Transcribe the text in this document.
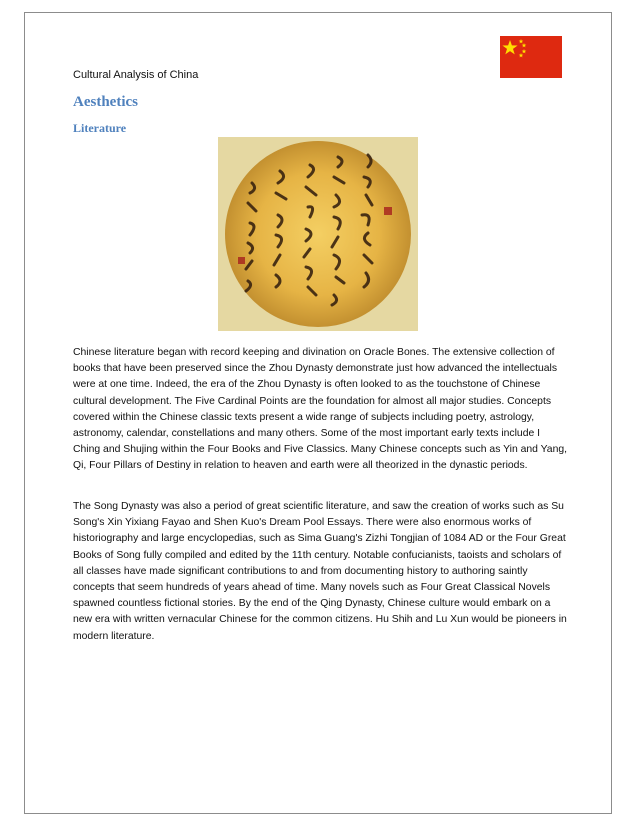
Cultural Analysis of China
Aesthetics
Literature

Chinese literature began with record keeping and divination on Oracle Bones. The extensive collection of books that have been preserved since the Zhou Dynasty demonstrate just how advanced the intellectuals were at one time. Indeed, the era of the Zhou Dynasty is often looked to as the touchstone of Chinese cultural development. The Five Cardinal Points are the foundation for almost all major studies. Concepts covered within the Chinese classic texts present a wide range of subjects including poetry, astrology, astronomy, calendar, constellations and many others. Some of the most important early texts include I Ching and Shujing within the Four Books and Five Classics. Many Chinese concepts such as Yin and Yang, Qi, Four Pillars of Destiny in relation to heaven and earth were all theorized in the dynastic periods.

The Song Dynasty was also a period of great scientific literature, and saw the creation of works such as Su Song's Xin Yixiang Fayao and Shen Kuo's Dream Pool Essays. There were also enormous works of historiography and large encyclopedias, such as Sima Guang's Zizhi Tongjian of 1084 AD or the Four Great Books of Song fully compiled and edited by the 11th century. Notable confucianists, taoists and scholars of all classes have made significant contributions to and from documenting history to authoring saintly concepts that seem hundreds of years ahead of time. Many novels such as Four Great Classical Novels spawned countless fictional stories. By the end of the Qing Dynasty, Chinese culture would embark on a new era with written vernacular Chinese for the common citizens. Hu Shih and Lu Xun would be pioneers in modern literature.
